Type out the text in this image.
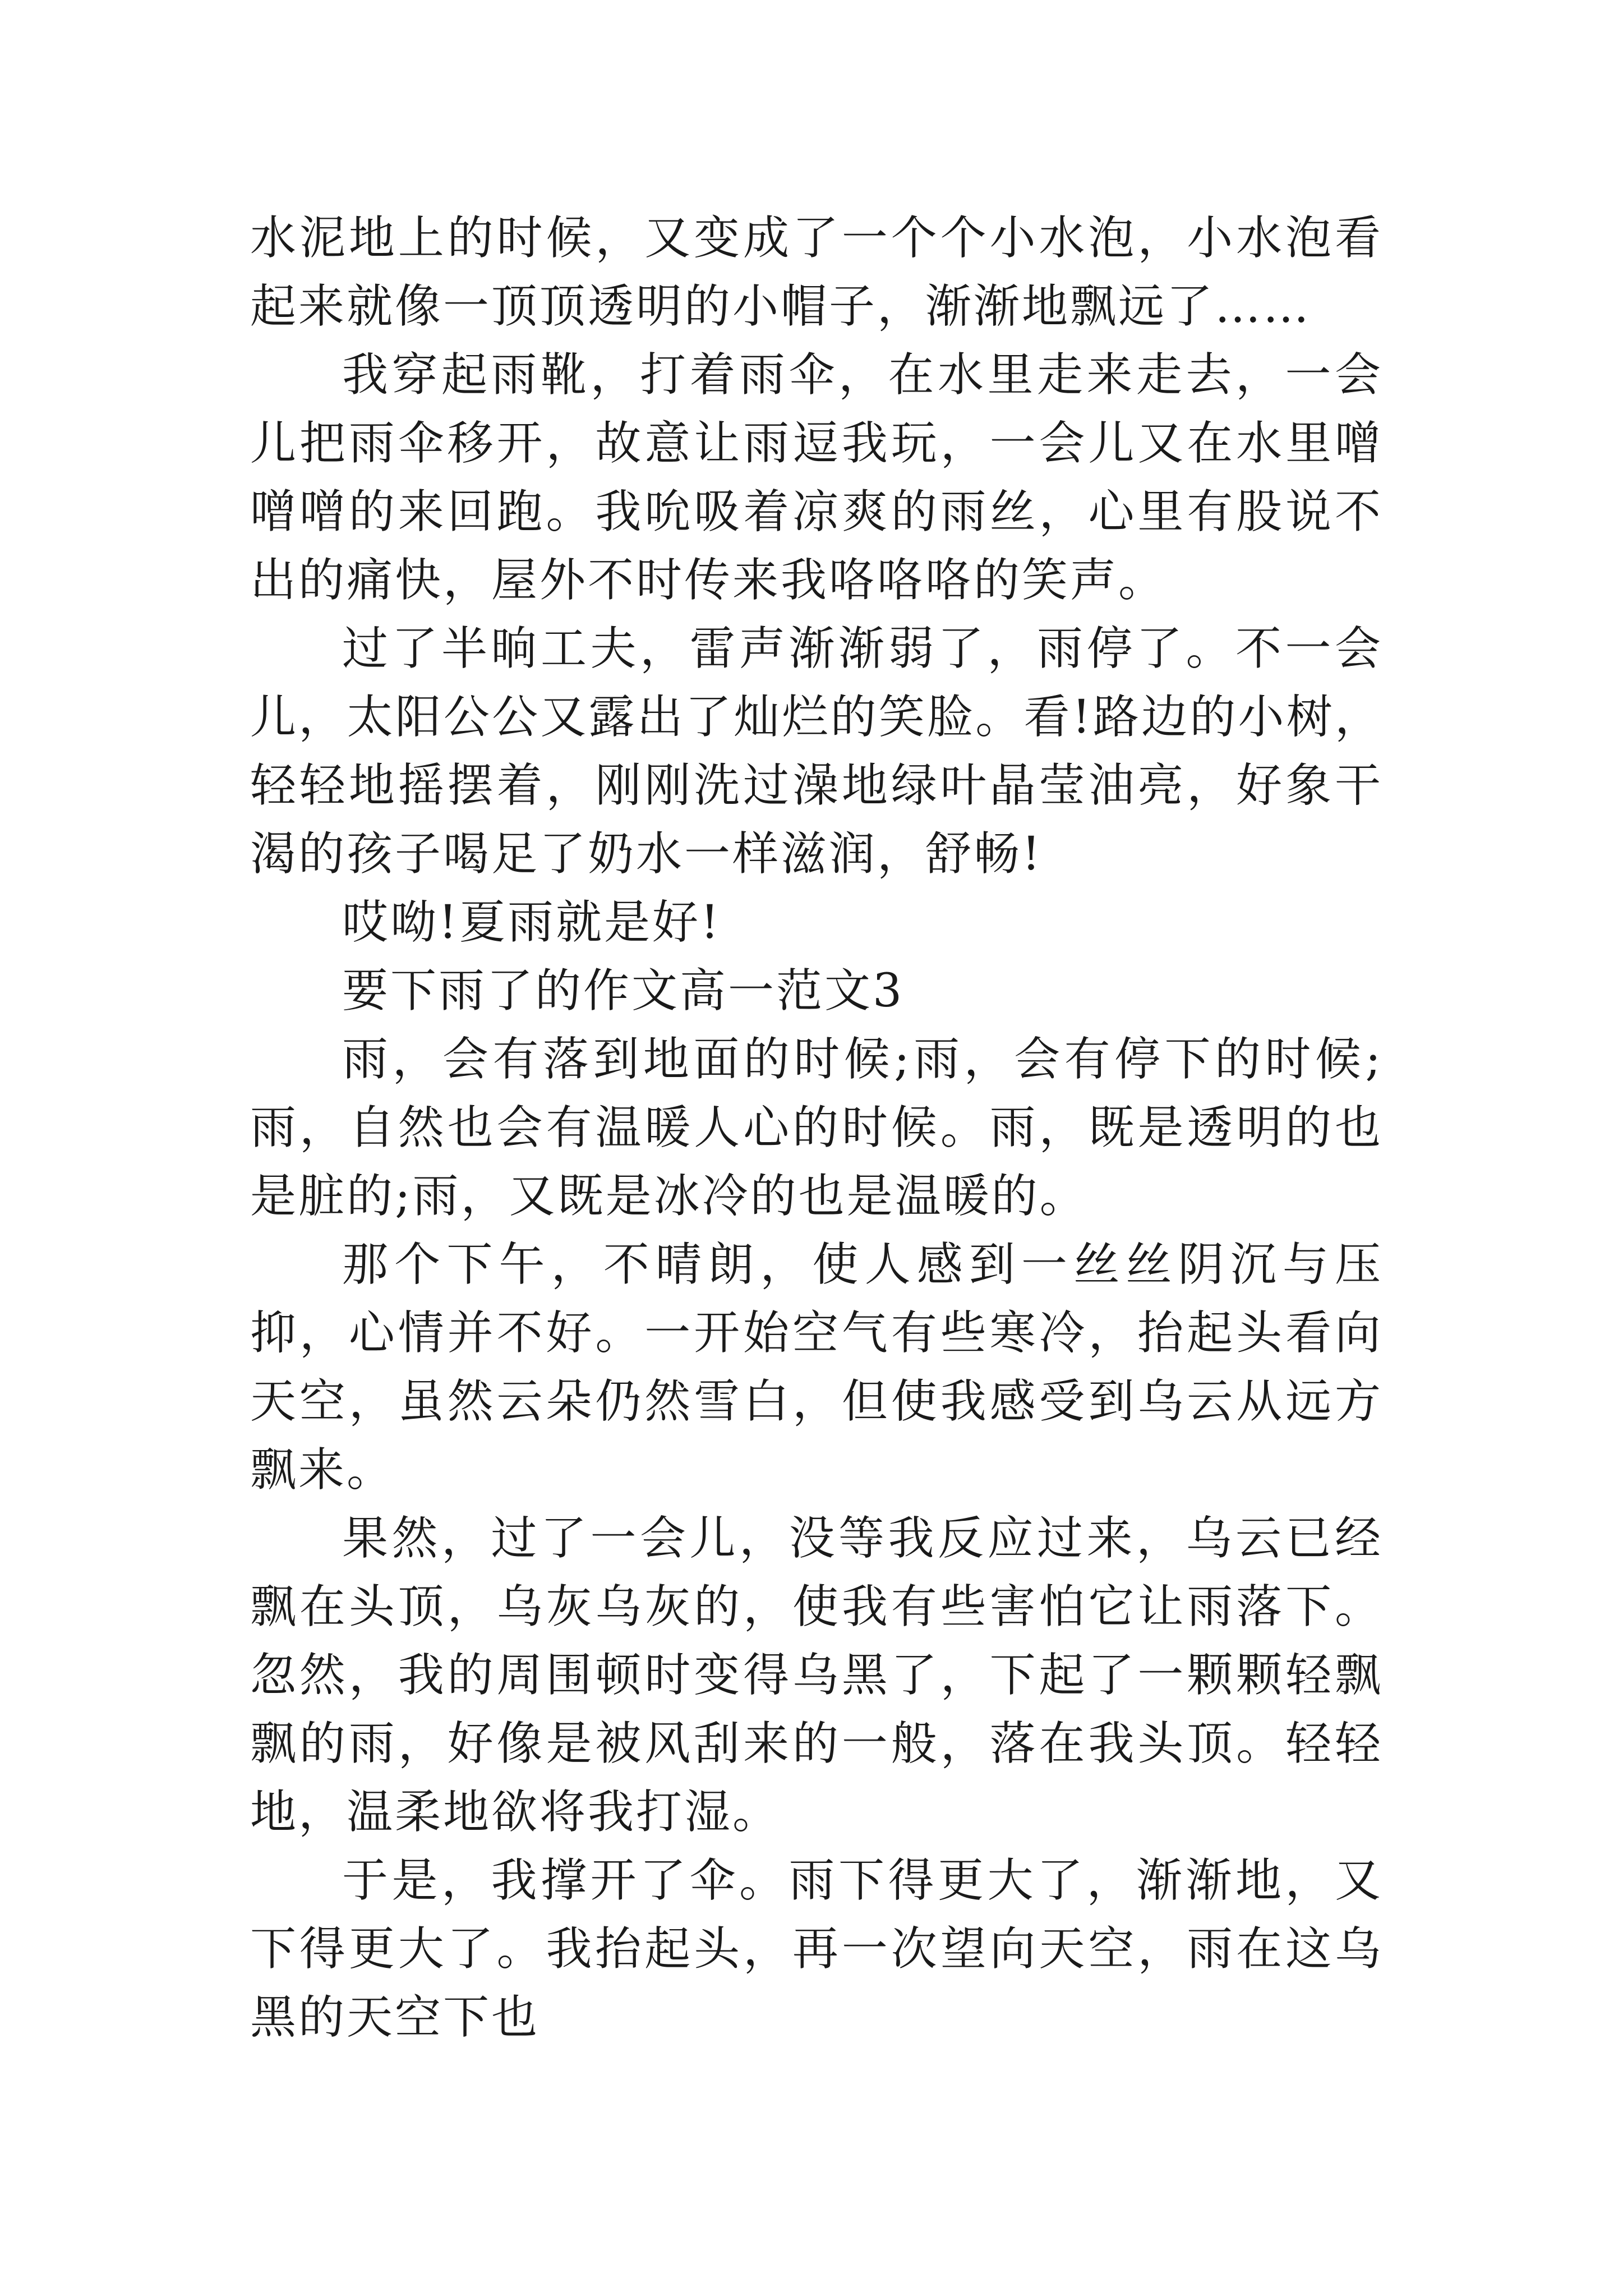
水泥地上的时候，又变成了一个个小水泡，小水泡看起来就像一顶顶透明的小帽子，渐渐地飘远了……

我穿起雨靴，打着雨伞，在水里走来走去，一会儿把雨伞移开，故意让雨逗我玩，一会儿又在水里噌噌噌的来回跑。我吮吸着凉爽的雨丝，心里有股说不出的痛快，屋外不时传来我咯咯咯的笑声。

过了半晌工夫，雷声渐渐弱了，雨停了。不一会儿，太阳公公又露出了灿烂的笑脸。看!路边的小树，轻轻地摇摆着，刚刚洗过澡地绿叶晶莹油亮，好象干渴的孩子喝足了奶水一样滋润，舒畅!

哎呦!夏雨就是好!

要下雨了的作文高一范文3

雨，会有落到地面的时候;雨，会有停下的时候;雨，自然也会有温暖人心的时候。雨，既是透明的也是脏的;雨，又既是冰冷的也是温暖的。

那个下午，不晴朗，使人感到一丝丝阴沉与压抑，心情并不好。一开始空气有些寒冷，抬起头看向天空，虽然云朵仍然雪白，但使我感受到乌云从远方飘来。

果然，过了一会儿，没等我反应过来，乌云已经飘在头顶，乌灰乌灰的，使我有些害怕它让雨落下。忽然，我的周围顿时变得乌黑了，下起了一颗颗轻飘飘的雨，好像是被风刮来的一般，落在我头顶。轻轻地，温柔地欲将我打湿。

于是，我撑开了伞。雨下得更大了，渐渐地，又下得更大了。我抬起头，再一次望向天空，雨在这乌黑的天空下也
